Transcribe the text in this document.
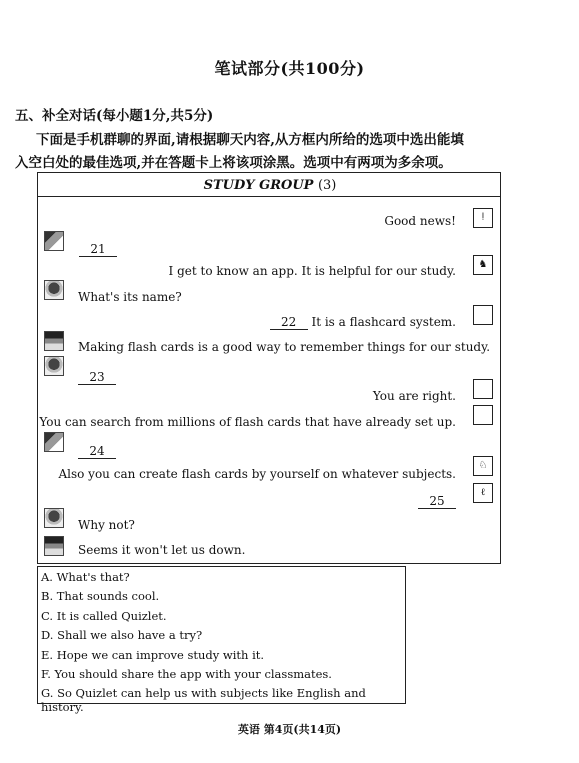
笔试部分(共100分)
五、补全对话(每小题1分,共5分)
下面是手机群聊的界面,请根据聊天内容,从方框内所给的选项中选出能填
入空白处的最佳选项,并在答题卡上将该项涂黑。选项中有两项为多余项。
STUDY GROUP (3)
Good news!	ǃ
21
I get to know an app. It is helpful for our study.	♞
What's its name?
22 It is a flashcard system.
Making flash cards is a good way to remember things for our study.
23
You are right.
You can search from millions of flash cards that have already set up.
24
Also you can create flash cards by yourself on whatever subjects.
♘
25
ℓ
Why not?
Seems it won't let us down.
A. What's that?
B. That sounds cool.
C. It is called Quizlet.
D. Shall we also have a try?
E. Hope we can improve study with it.
F. You should share the app with your classmates.
G. So Quizlet can help us with subjects like English and history.
英语 第4页(共14页)
